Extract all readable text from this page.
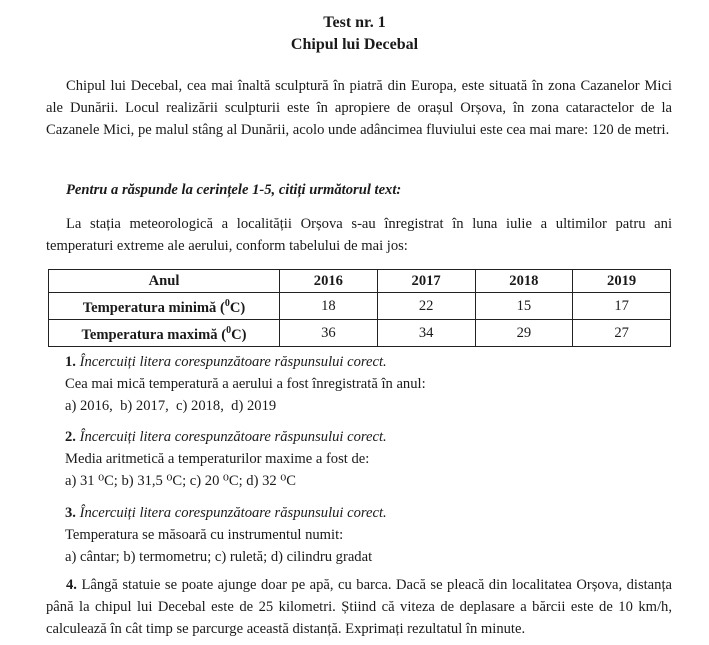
Test nr. 1
Chipul lui Decebal
Chipul lui Decebal, cea mai înaltă sculptură în piatră din Europa, este situată în zona Cazanelor Mici ale Dunării. Locul realizării sculpturii este în apropiere de orașul Orșova, în zona cataractelor de la Cazanele Mici, pe malul stâng al Dunării, acolo unde adâncimea fluviului este cea mai mare: 120 de metri.
Pentru a răspunde la cerințele 1-5, citiți următorul text:
La stația meteorologică a localității Orșova s-au înregistrat în luna iulie a ultimilor patru ani temperaturi extreme ale aerului, conform tabelului de mai jos:
Anul	2016	2017	2018	2019
Temperatura minimă ($^0$C)	18	22	15	17
Temperatura maximă ($^0$C)	36	34	29	27
1. Încercuiți litera corespunzătoare răspunsului corect.
Cea mai mică temperatură a aerului a fost înregistrată în anul:
a) 2016,  b) 2017,  c) 2018,  d) 2019
2. Încercuiți litera corespunzătoare răspunsului corect.
Media aritmetică a temperaturilor maxime a fost de:
a) 31 ⁰C; b) 31,5 ⁰C; c) 20 ⁰C; d) 32 ⁰C
3. Încercuiți litera corespunzătoare răspunsului corect.
Temperatura se măsoară cu instrumentul numit:
a) cântar; b) termometru; c) ruletă; d) cilindru gradat
4. Lângă statuie se poate ajunge doar pe apă, cu barca. Dacă se pleacă din localitatea Orșova, distanța până la chipul lui Decebal este de 25 kilometri. Știind că viteza de deplasare a bărcii este de 10 km/h, calculează în cât timp se parcurge această distanță. Exprimați rezultatul în minute.
